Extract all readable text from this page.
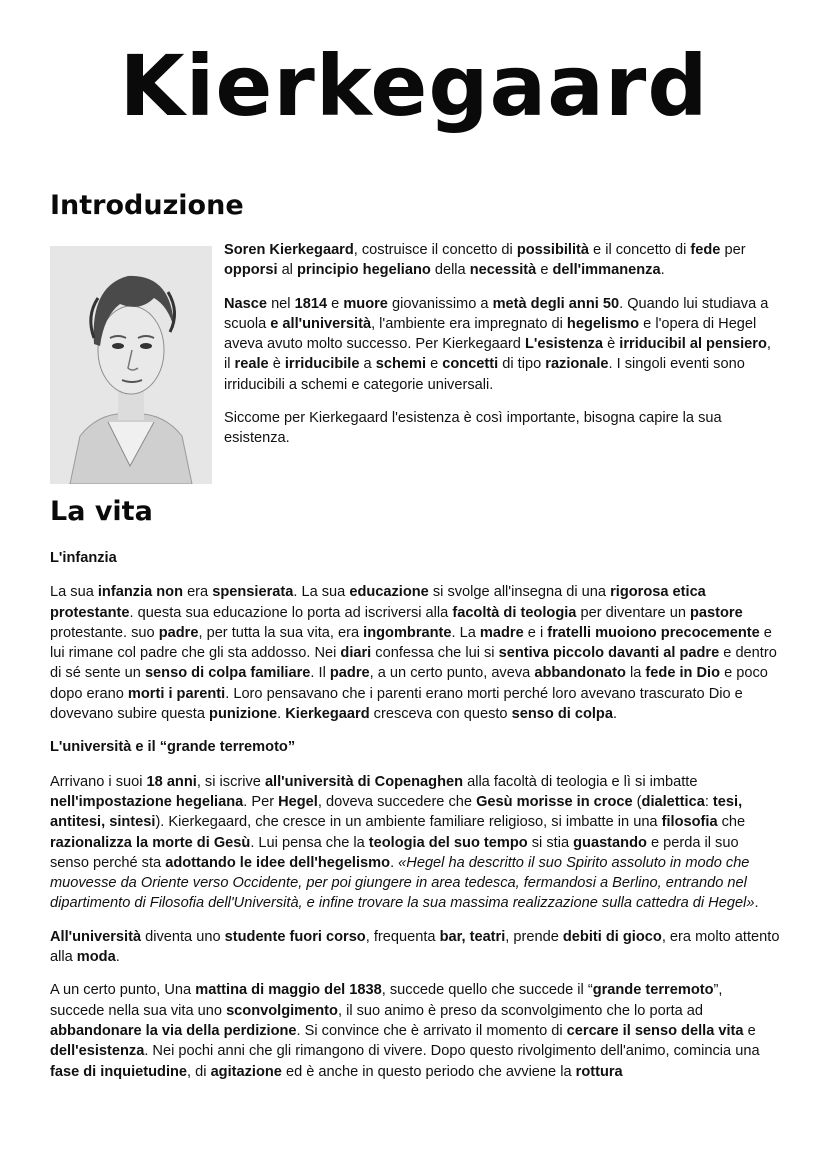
Kierkegaard
Introduzione

Soren Kierkegaard, costruisce il concetto di possibilità e il concetto di fede per opporsi al principio hegeliano della necessità e dell'immanenza.

Nasce nel 1814 e muore giovanissimo a metà degli anni 50. Quando lui studiava a scuola e all'università, l'ambiente era impregnato di hegelismo e l'opera di Hegel aveva avuto molto successo. Per Kierkegaard L'esistenza è irriducibil al pensiero, il reale è irriducibile a schemi e concetti di tipo razionale. I singoli eventi sono irriducibili a schemi e categorie universali.

Siccome per Kierkegaard l'esistenza è così importante, bisogna capire la sua esistenza.

La vita

L'infanzia

La sua infanzia non era spensierata. La sua educazione si svolge all'insegna di una rigorosa etica protestante. questa sua educazione lo porta ad iscriversi alla facoltà di teologia per diventare un pastore protestante. suo padre, per tutta la sua vita, era ingombrante. La madre e i fratelli muoiono precocemente e lui rimane col padre che gli sta addosso. Nei diari confessa che lui si sentiva piccolo davanti al padre e dentro di sé sente un senso di colpa familiare. Il padre, a un certo punto, aveva abbandonato la fede in Dio e poco dopo erano morti i parenti. Loro pensavano che i parenti erano morti perché loro avevano trascurato Dio e dovevano subire questa punizione. Kierkegaard cresceva con questo senso di colpa.

L'università e il “grande terremoto”

Arrivano i suoi 18 anni, si iscrive all'università di Copenaghen alla facoltà di teologia e lì si imbatte nell'impostazione hegeliana. Per Hegel, doveva succedere che Gesù morisse in croce (dialettica: tesi, antitesi, sintesi). Kierkegaard, che cresce in un ambiente familiare religioso, si imbatte in una filosofia che razionalizza la morte di Gesù. Lui pensa che la teologia del suo tempo si stia guastando e perda il suo senso perché sta adottando le idee dell'hegelismo. «Hegel ha descritto il suo Spirito assoluto in modo che muovesse da Oriente verso Occidente, per poi giungere in area tedesca, fermandosi a Berlino, entrando nel dipartimento di Filosofia dell'Università, e infine trovare la sua massima realizzazione sulla cattedra di Hegel».

All'università diventa uno studente fuori corso, frequenta bar, teatri, prende debiti di gioco, era molto attento alla moda.

A un certo punto, Una mattina di maggio del 1838, succede quello che succede il “grande terremoto”, succede nella sua vita uno sconvolgimento, il suo animo è preso da sconvolgimento che lo porta ad abbandonare la via della perdizione. Si convince che è arrivato il momento di cercare il senso della vita e dell'esistenza. Nei pochi anni che gli rimangono di vivere. Dopo questo rivolgimento dell'animo, comincia una fase di inquietudine, di agitazione ed è anche in questo periodo che avviene la rottura
